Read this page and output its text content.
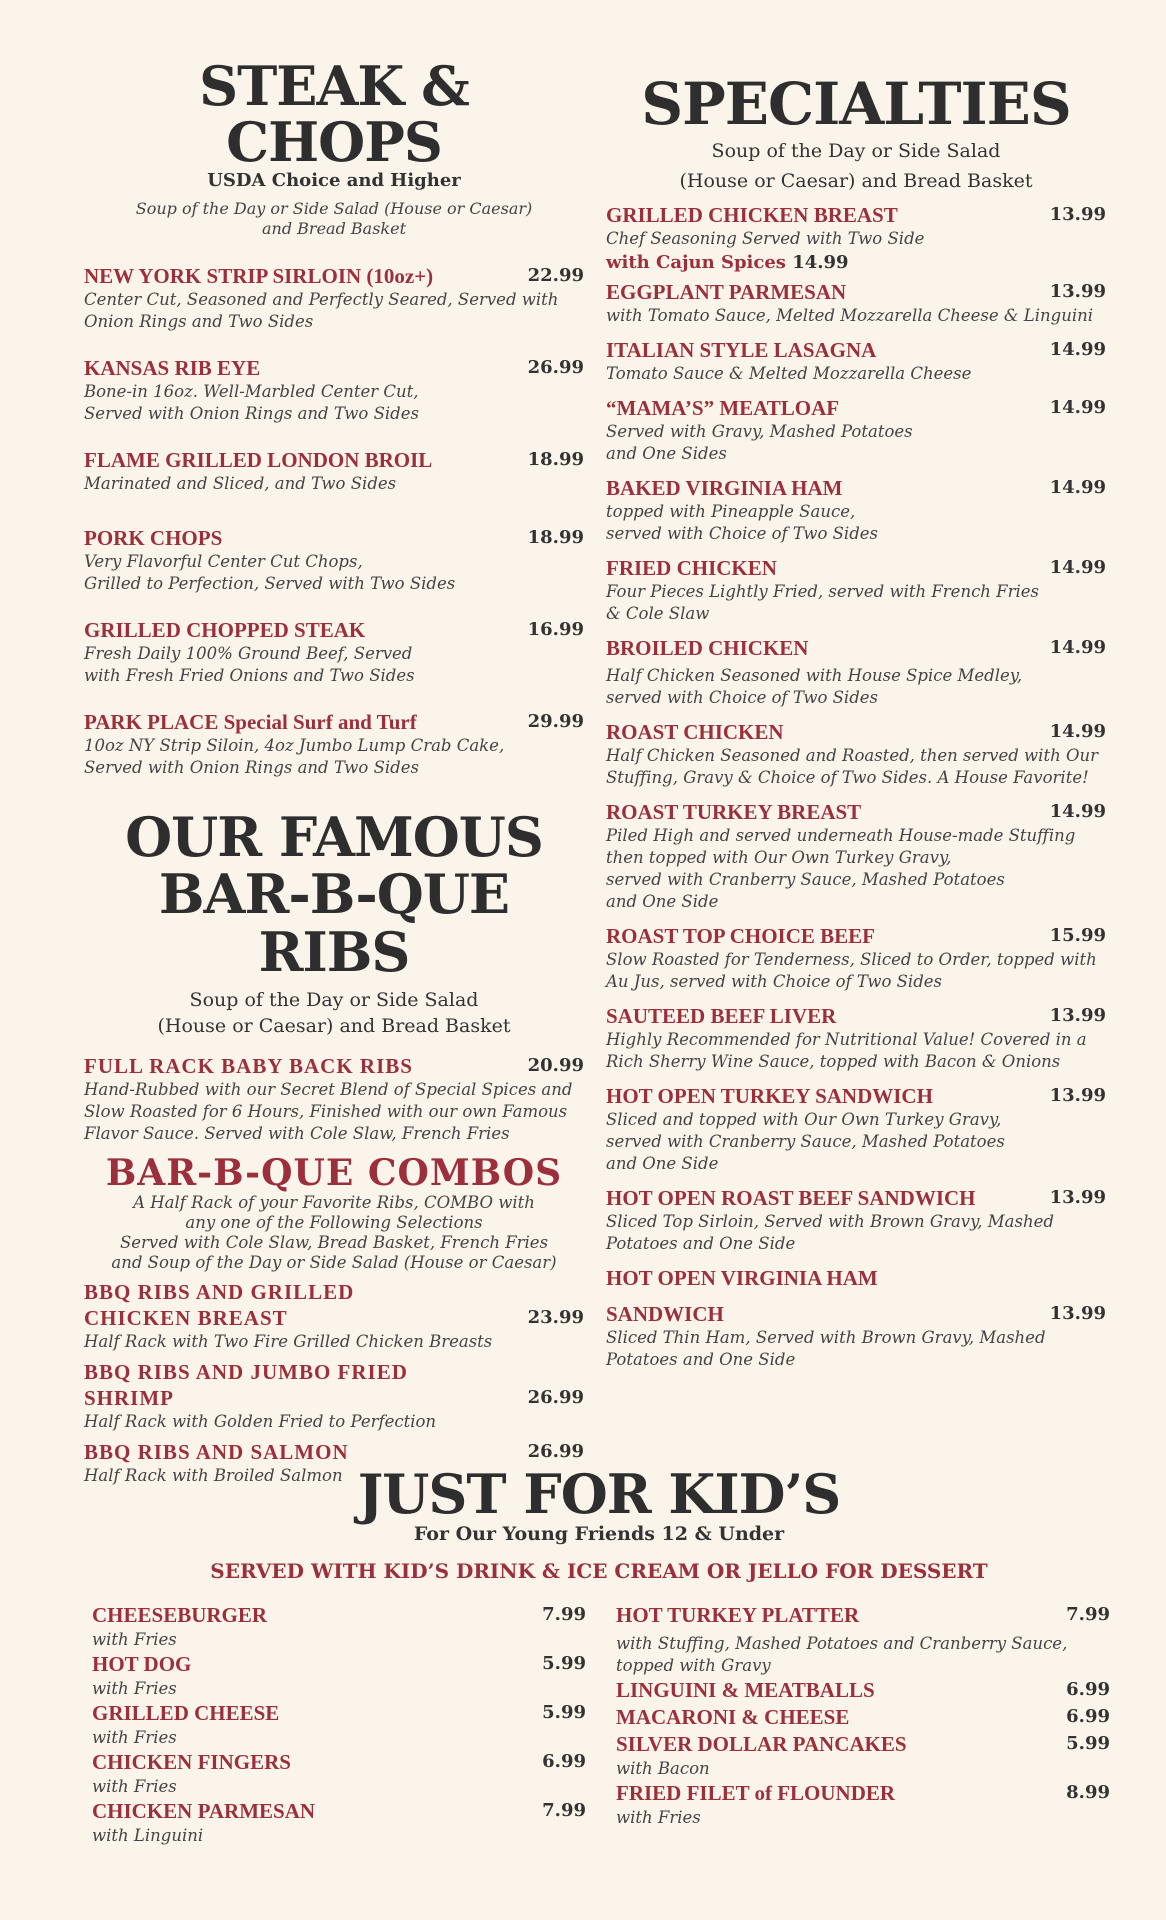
STEAK & CHOPS

USDA Choice and Higher

Soup of the Day or Side Salad (House or Caesar)

and Bread Basket

NEW YORK STRIP SIRLOIN (10oz+)	22.99
Center Cut, Seasoned and Perfectly Seared, Served with
Onion Rings and Two Sides
KANSAS RIB EYE	26.99
Bone-in 16oz. Well-Marbled Center Cut,
Served with Onion Rings and Two Sides
FLAME GRILLED LONDON BROIL	18.99
Marinated and Sliced, and Two Sides
PORK CHOPS	18.99
Very Flavorful Center Cut Chops,
Grilled to Perfection, Served with Two Sides
GRILLED CHOPPED STEAK	16.99
Fresh Daily 100% Ground Beef, Served
with Fresh Fried Onions and Two Sides
PARK PLACE Special Surf and Turf	29.99
10oz NY Strip Siloin, 4oz Jumbo Lump Crab Cake,
Served with Onion Rings and Two Sides
OUR FAMOUS
BAR-B-QUE RIBS

Soup of the Day or Side Salad

(House or Caesar) and Bread Basket

FULL RACK BABY BACK RIBS	20.99
Hand-Rubbed with our Secret Blend of Special Spices and
Slow Roasted for 6 Hours, Finished with our own Famous
Flavor Sauce. Served with Cole Slaw, French Fries
BAR-B-QUE COMBOS
A Half Rack of your Favorite Ribs, COMBO with
any one of the Following Selections
Served with Cole Slaw, Bread Basket, French Fries
and Soup of the Day or Side Salad (House or Caesar)
BBQ RIBS AND GRILLED
CHICKEN BREAST	23.99
Half Rack with Two Fire Grilled Chicken Breasts
BBQ RIBS AND JUMBO FRIED
SHRIMP	26.99
Half Rack with Golden Fried to Perfection
BBQ RIBS AND SALMON	26.99
Half Rack with Broiled Salmon
SPECIALTIES

Soup of the Day or Side Salad

(House or Caesar) and Bread Basket

GRILLED CHICKEN BREAST	13.99
Chef Seasoning Served with Two Side
with Cajun Spices 14.99
EGGPLANT PARMESAN	13.99
with Tomato Sauce, Melted Mozzarella Cheese & Linguini
ITALIAN STYLE LASAGNA	14.99
Tomato Sauce & Melted Mozzarella Cheese
“MAMA’S” MEATLOAF	14.99
Served with Gravy, Mashed Potatoes
and One Sides
BAKED VIRGINIA HAM	14.99
topped with Pineapple Sauce,
served with Choice of Two Sides
FRIED CHICKEN	14.99
Four Pieces Lightly Fried, served with French Fries
& Cole Slaw
BROILED CHICKEN	14.99
Half Chicken Seasoned with House Spice Medley,
served with Choice of Two Sides
ROAST CHICKEN	14.99
Half Chicken Seasoned and Roasted, then served with Our
Stuffing, Gravy & Choice of Two Sides. A House Favorite!
ROAST TURKEY BREAST	14.99
Piled High and served underneath House-made Stuffing
then topped with Our Own Turkey Gravy,
served with Cranberry Sauce, Mashed Potatoes
and One Side
ROAST TOP CHOICE BEEF	15.99
Slow Roasted for Tenderness, Sliced to Order, topped with
Au Jus, served with Choice of Two Sides
SAUTEED BEEF LIVER	13.99
Highly Recommended for Nutritional Value! Covered in a
Rich Sherry Wine Sauce, topped with Bacon & Onions
HOT OPEN TURKEY SANDWICH	13.99
Sliced and topped with Our Own Turkey Gravy,
served with Cranberry Sauce, Mashed Potatoes
and One Side
HOT OPEN ROAST BEEF SANDWICH	13.99
Sliced Top Sirloin, Served with Brown Gravy, Mashed
Potatoes and One Side
HOT OPEN VIRGINIA HAM
SANDWICH	13.99
Sliced Thin Ham, Served with Brown Gravy, Mashed
Potatoes and One Side
JUST FOR KID’S

For Our Young Friends 12 & Under

SERVED WITH KID’S DRINK & ICE CREAM OR JELLO FOR DESSERT

CHEESEBURGER	7.99
with Fries
HOT DOG	5.99
with Fries
GRILLED CHEESE	5.99
with Fries
CHICKEN FINGERS	6.99
with Fries
CHICKEN PARMESAN	7.99
with Linguini
HOT TURKEY PLATTER	7.99
with Stuffing, Mashed Potatoes and Cranberry Sauce,
topped with Gravy
LINGUINI & MEATBALLS	6.99
MACARONI & CHEESE	6.99
SILVER DOLLAR PANCAKES	5.99
with Bacon
FRIED FILET of FLOUNDER	8.99
with Fries
